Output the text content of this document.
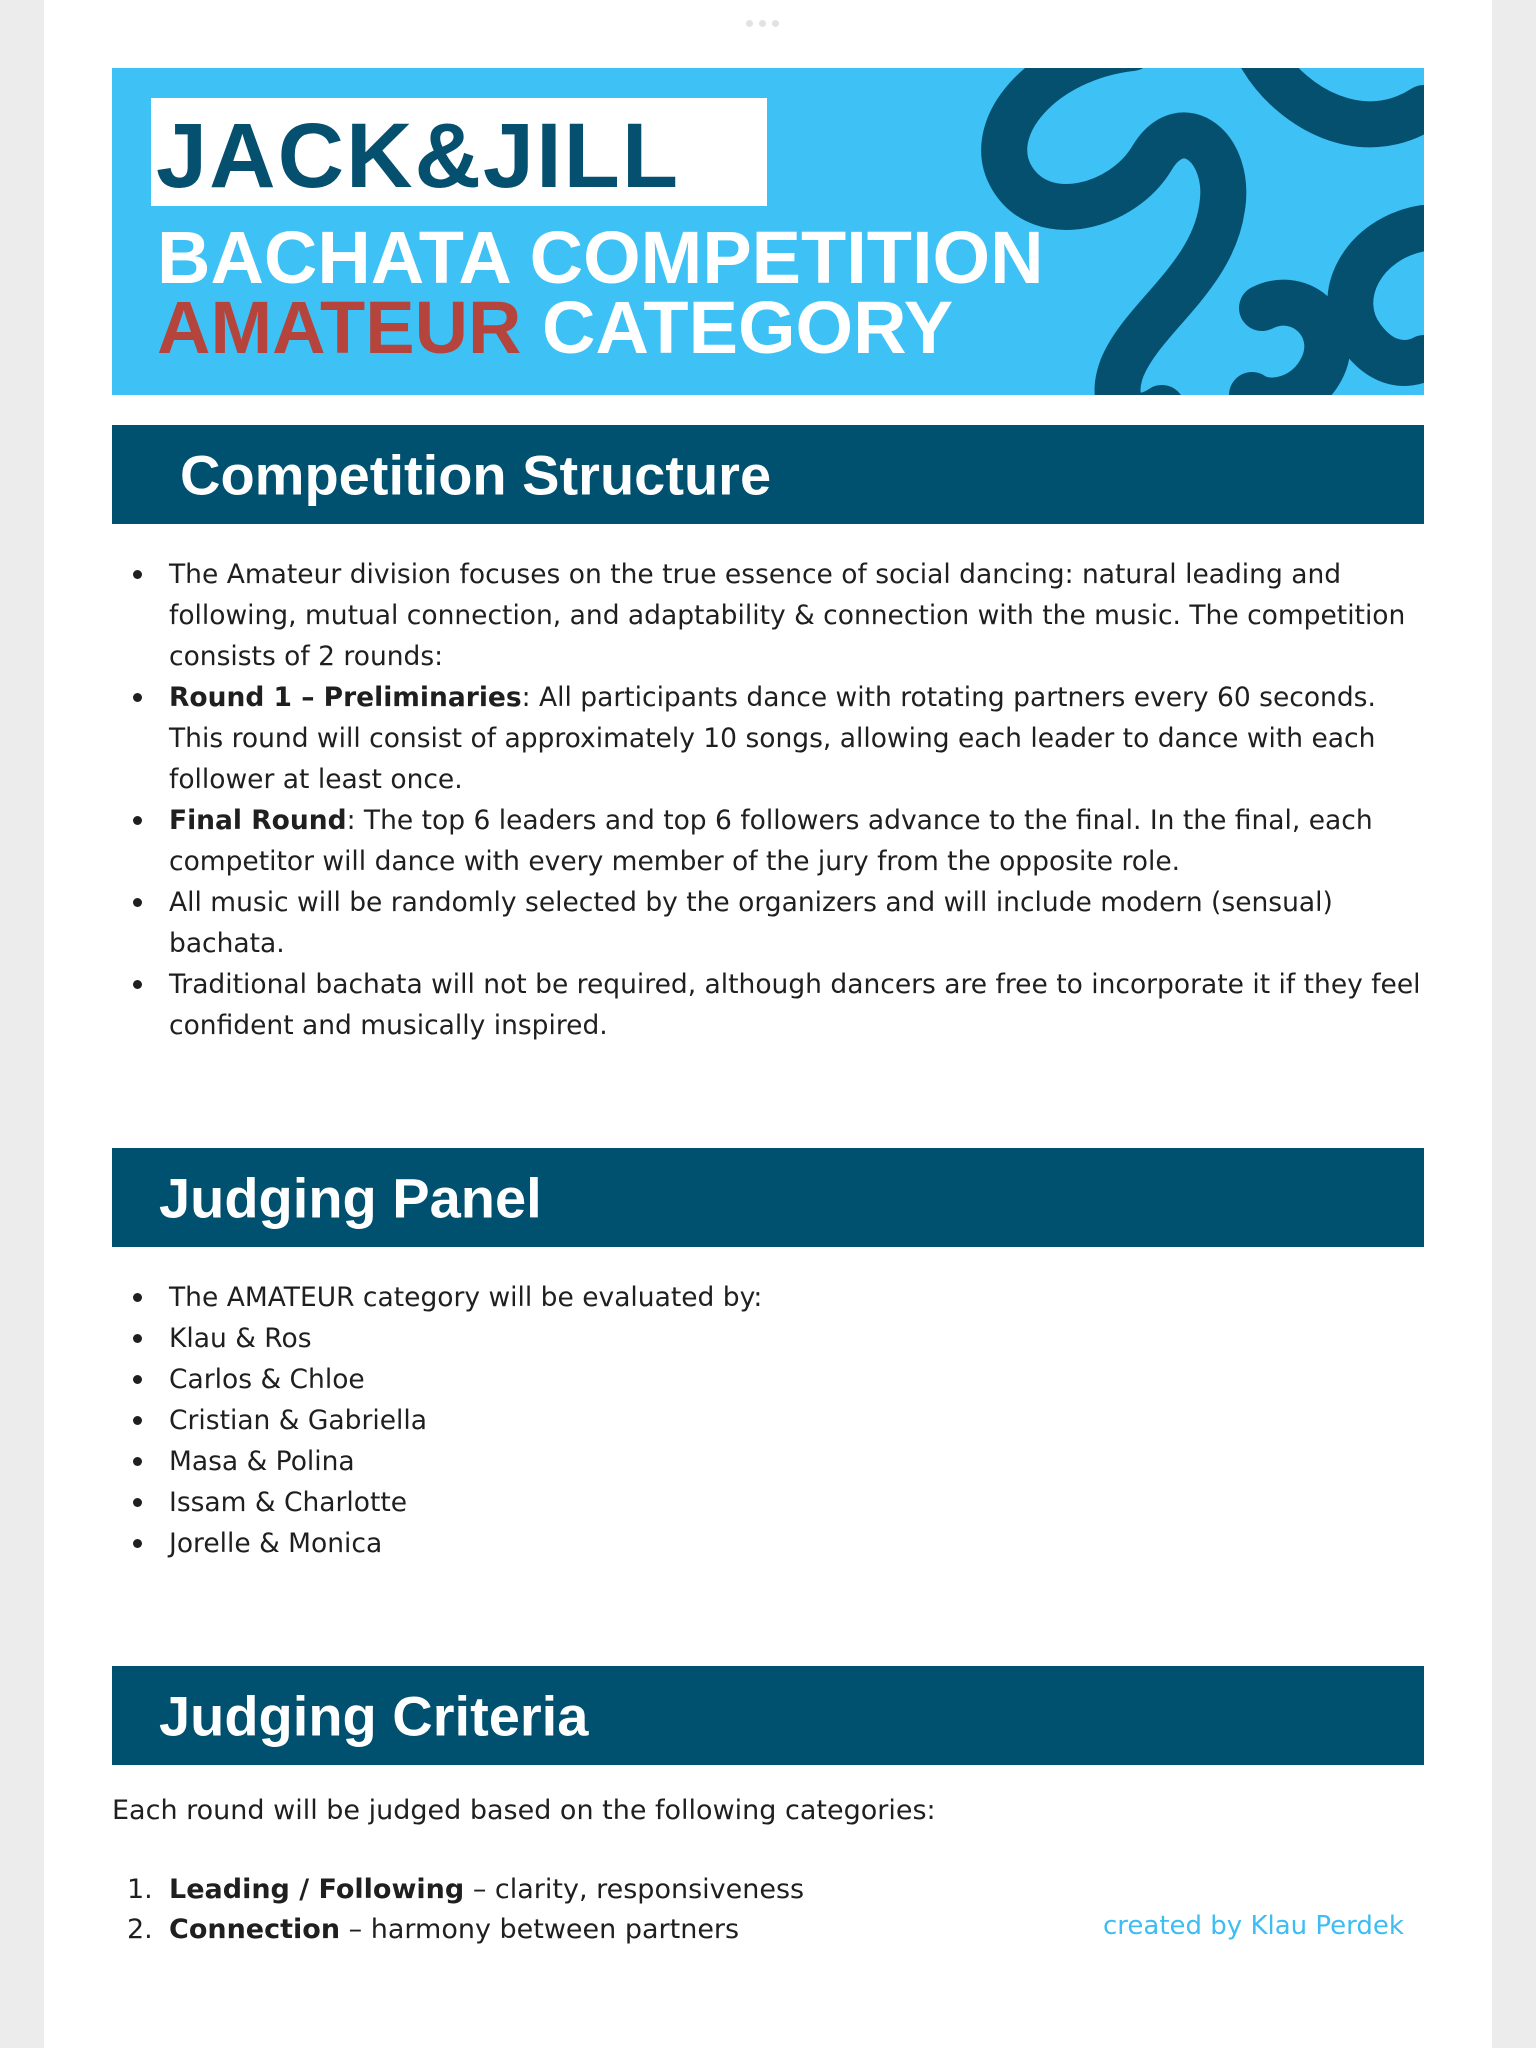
JACK&JILL
BACHATA COMPETITION
AMATEUR CATEGORY
Competition Structure
The Amateur division focuses on the true essence of social dancing: natural leading and following, mutual connection, and adaptability & connection with the music. The competition consists of 2 rounds:
Round 1 – Preliminaries: All participants dance with rotating partners every 60 seconds. This round will consist of approximately 10 songs, allowing each leader to dance with each follower at least once.
Final Round: The top 6 leaders and top 6 followers advance to the final. In the final, each competitor will dance with every member of the jury from the opposite role.
All music will be randomly selected by the organizers and will include modern (sensual) bachata.
Traditional bachata will not be required, although dancers are free to incorporate it if they feel confident and musically inspired.
Judging Panel
The AMATEUR category will be evaluated by:
Klau & Ros
Carlos & Chloe
Cristian & Gabriella
Masa & Polina
Issam & Charlotte
Jorelle & Monica
Judging Criteria
Each round will be judged based on the following categories:
1. Leading / Following – clarity, responsiveness
2. Connection – harmony between partners	created by Klau Perdek
